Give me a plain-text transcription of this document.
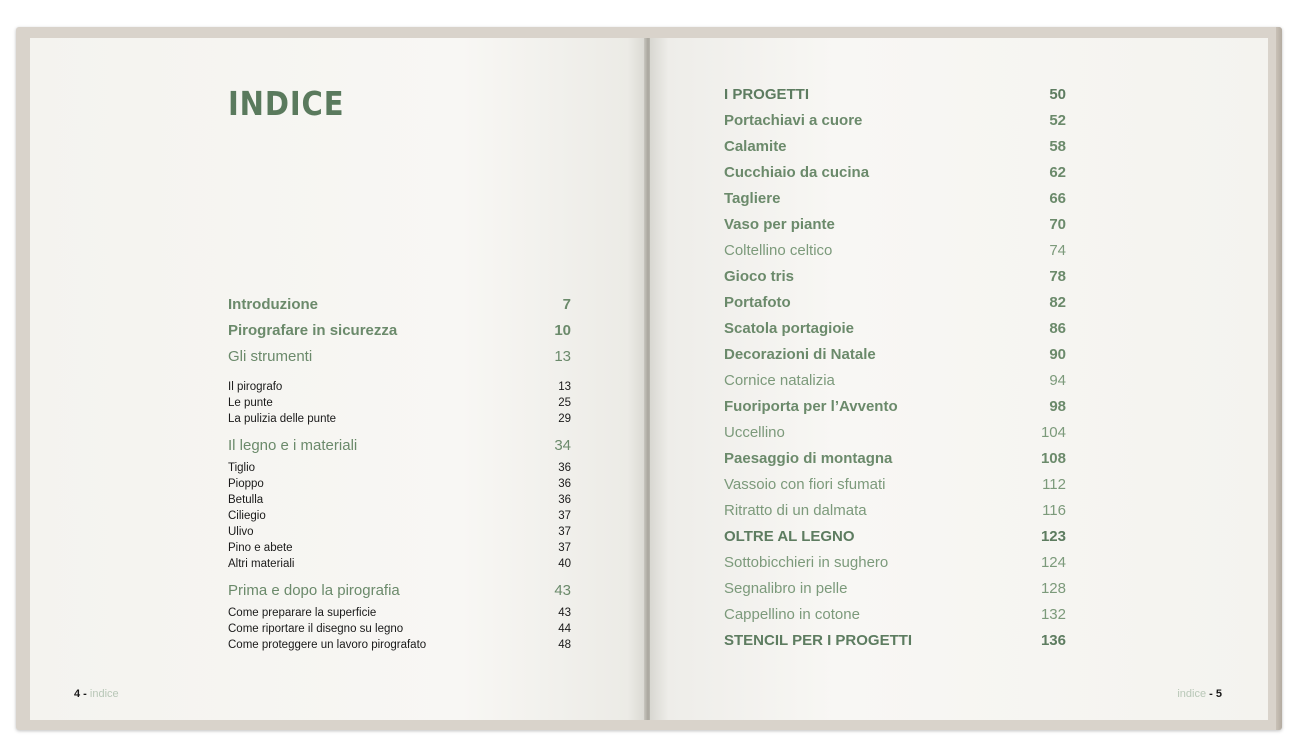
INDICE
Introduzione	7
Pirografare in sicurezza	10
Gli strumenti	13
Il pirografo	13
Le punte	25
La pulizia delle punte	29
Il legno e i materiali	34
Tiglio	36
Pioppo	36
Betulla	36
Ciliegio	37
Ulivo	37
Pino e abete	37
Altri materiali	40
Prima e dopo la pirografia	43
Come preparare la superficie	43
Come riportare il disegno su legno	44
Come proteggere un lavoro pirografato	48
4 - indice
I PROGETTI	50
Portachiavi a cuore	52
Calamite	58
Cucchiaio da cucina	62
Tagliere	66
Vaso per piante	70
Coltellino celtico	74
Gioco tris	78
Portafoto	82
Scatola portagioie	86
Decorazioni di Natale	90
Cornice natalizia	94
Fuoriporta per l’Avvento	98
Uccellino	104
Paesaggio di montagna	108
Vassoio con fiori sfumati	112
Ritratto di un dalmata	116
OLTRE AL LEGNO	123
Sottobicchieri in sughero	124
Segnalibro in pelle	128
Cappellino in cotone	132
STENCIL PER I PROGETTI	136
indice - 5
